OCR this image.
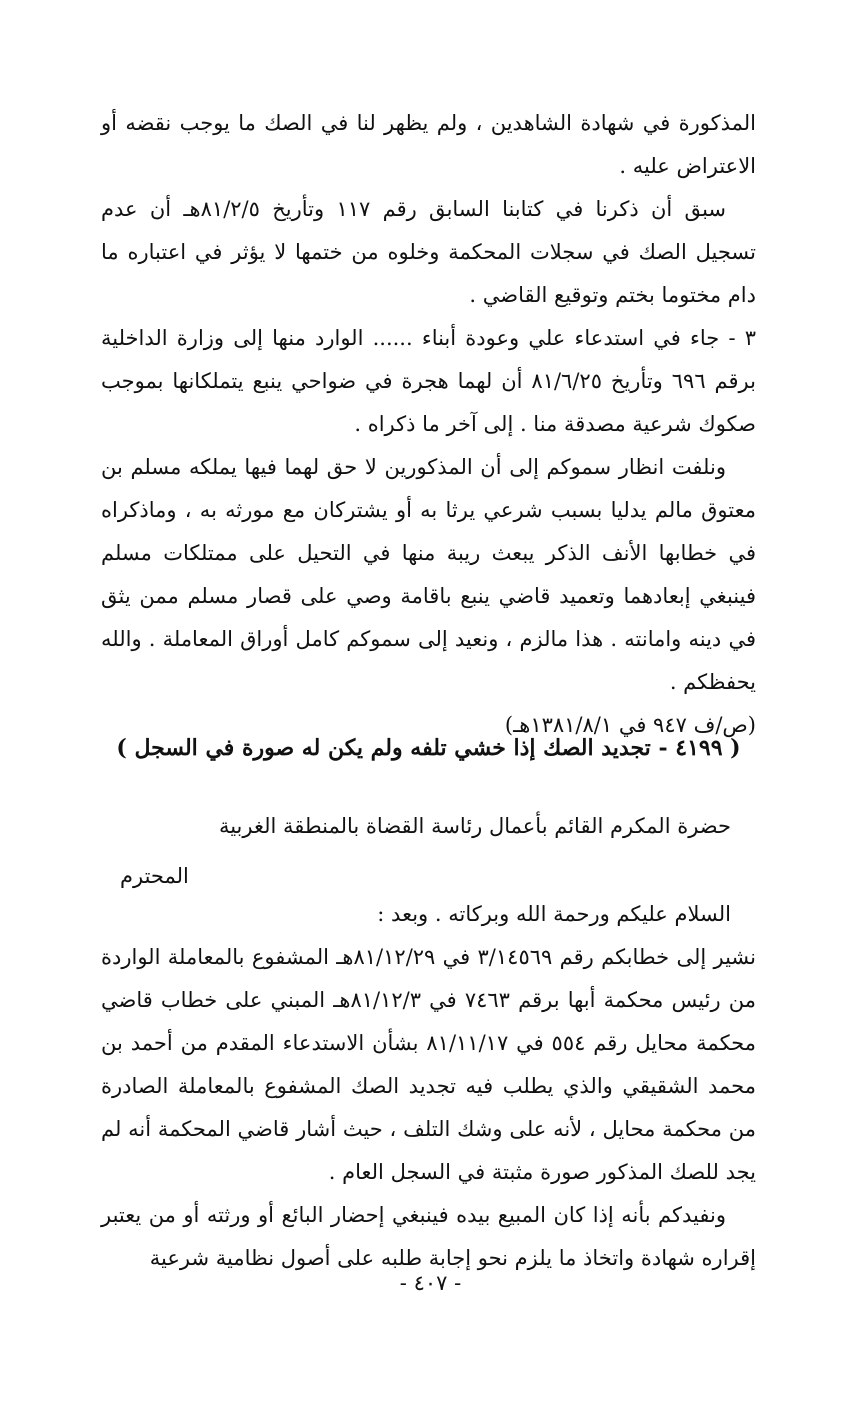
المذكورة في شهادة الشاهدين ، ولم يظهر لنا في الصك ما يوجب نقضه أو الاعتراض عليه .

سبق أن ذكرنا في كتابنا السابق رقم ١١٧ وتأريخ ٨١/٢/٥هـ أن عدم تسجيل الصك في سجلات المحكمة وخلوه من ختمها لا يؤثر في اعتباره ما دام مختوما بختم وتوقيع القاضي .

٣ - جاء في استدعاء علي وعودة أبناء ...... الوارد منها إلى وزارة الداخلية برقم ٦٩٦ وتأريخ ٨١/٦/٢٥ أن لهما هجرة في ضواحي ينبع يتملكانها بموجب صكوك شرعية مصدقة منا . إلى آخر ما ذكراه .

ونلفت انظار سموكم إلى أن المذكورين لا حق لهما فيها يملكه مسلم بن معتوق مالم يدليا بسبب شرعي يرثا به أو يشتركان مع مورثه به ، وماذكراه في خطابها الأنف الذكر يبعث ريبة منها في التحيل على ممتلكات مسلم فينبغي إبعادهما وتعميد قاضي ينبع باقامة وصي على قصار مسلم ممن يثق في دينه وامانته . هذا مالزم ، ونعيد إلى سموكم كامل أوراق المعاملة . والله يحفظكم .

(ص/ف ٩٤٧ في ١٣٨١/٨/١هـ)

( ٤١٩٩ - تجديد الصك إذا خشي تلفه ولم يكن له صورة في السجل )
حضرة المكرم القائم بأعمال رئاسة القضاة بالمنطقة الغربية
المحترم
السلام عليكم ورحمة الله وبركاته . وبعد :

نشير إلى خطابكم رقم ٣/١٤٥٦٩ في ٨١/١٢/٢٩هـ المشفوع بالمعاملة الواردة من رئيس محكمة أبها برقم ٧٤٦٣ في ٨١/١٢/٣هـ المبني على خطاب قاضي محكمة محايل رقم ٥٥٤ في ٨١/١١/١٧ بشأن الاستدعاء المقدم من أحمد بن محمد الشقيقي والذي يطلب فيه تجديد الصك المشفوع بالمعاملة الصادرة من محكمة محايل ، لأنه على وشك التلف ، حيث أشار قاضي المحكمة أنه لم يجد للصك المذكور صورة مثبتة في السجل العام .

ونفيدكم بأنه إذا كان المبيع بيده فينبغي إحضار البائع أو ورثته أو من يعتبر إقراره شهادة واتخاذ ما يلزم نحو إجابة طلبه على أصول نظامية شرعية

- ٤٠٧ -
